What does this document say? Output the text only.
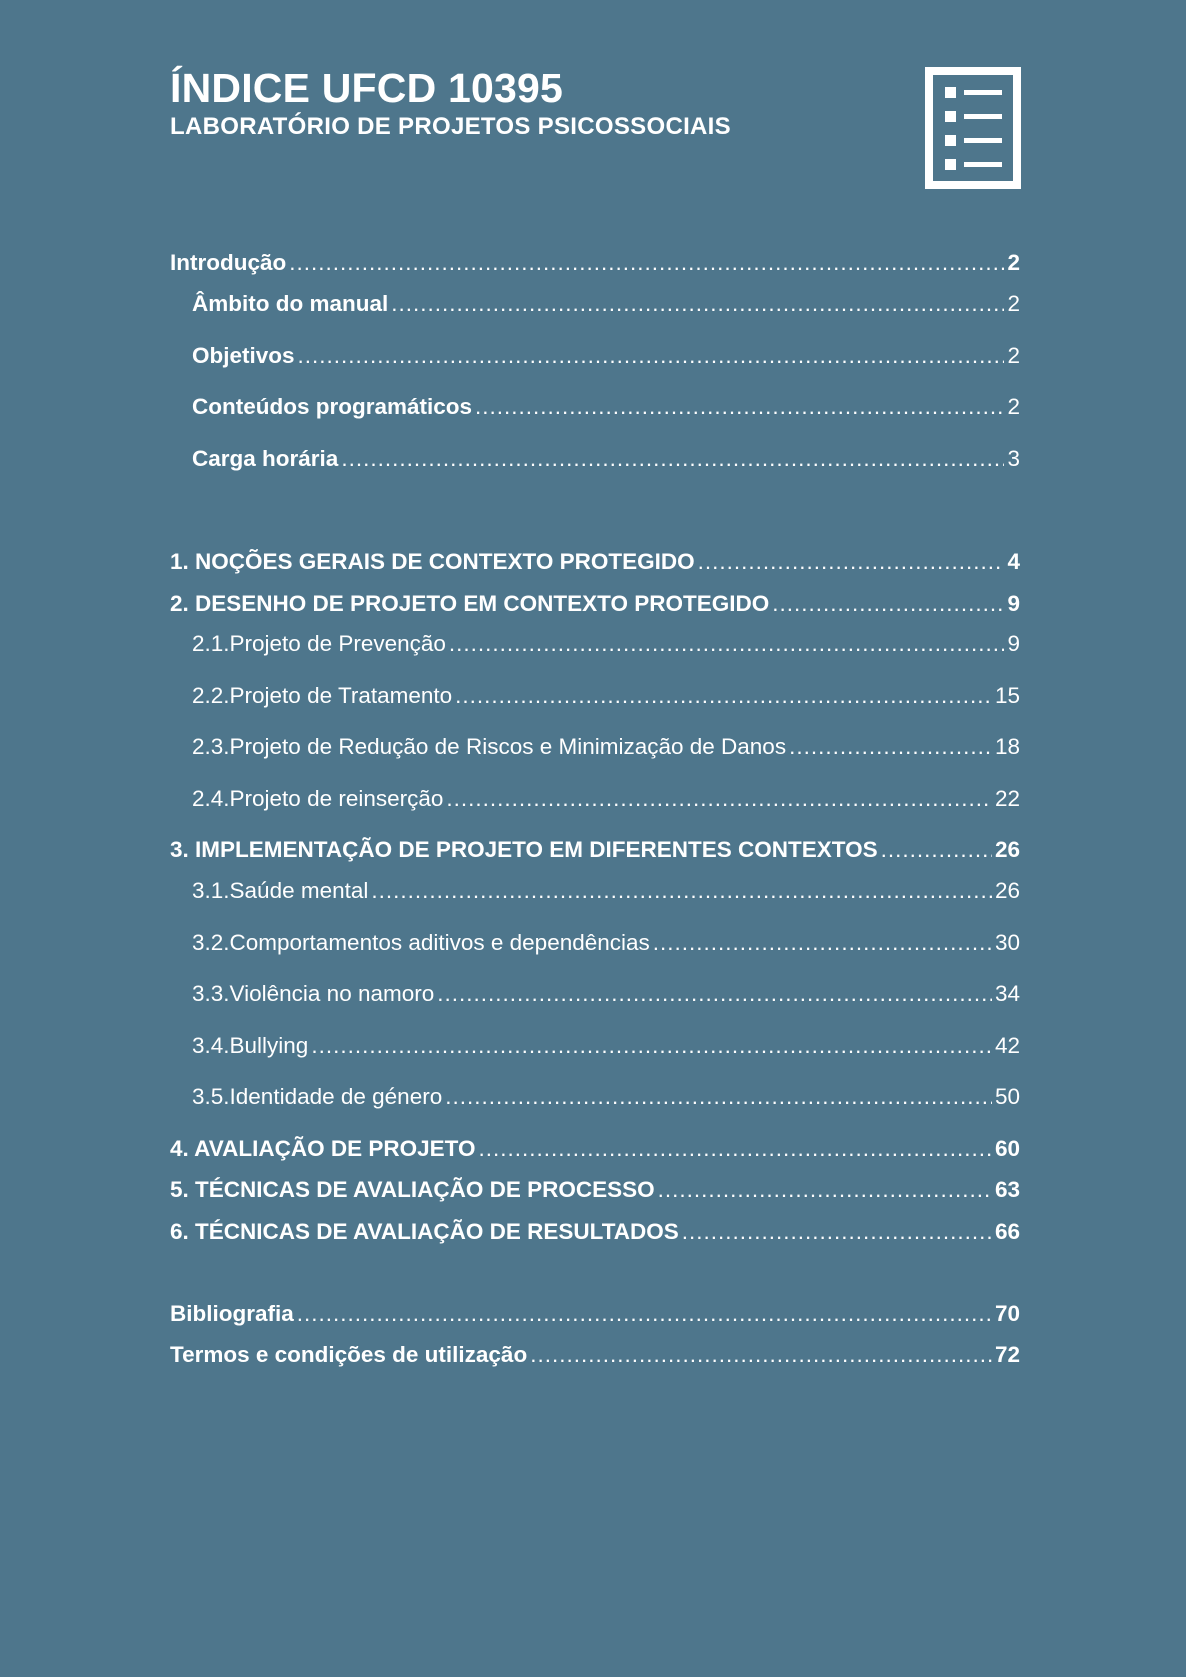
ÍNDICE UFCD 10395
LABORATÓRIO DE PROJETOS PSICOSSOCIAIS
Introdução .....	2
Âmbito do manual .....	2
Objetivos .....	2
Conteúdos programáticos .....	2
Carga horária .....	3
1. NOÇÕES GERAIS DE CONTEXTO PROTEGIDO .....	4
2. DESENHO DE PROJETO EM CONTEXTO PROTEGIDO .....	9
2.1.Projeto de Prevenção .....	9
2.2.Projeto de Tratamento .....	15
2.3.Projeto de Redução de Riscos e Minimização de Danos .....	18
2.4.Projeto de reinserção .....	22
3. IMPLEMENTAÇÃO DE PROJETO EM DIFERENTES CONTEXTOS .....	26
3.1.Saúde mental .....	26
3.2.Comportamentos aditivos e dependências .....	30
3.3.Violência no namoro .....	34
3.4.Bullying .....	42
3.5.Identidade de género .....	50
4. AVALIAÇÃO DE PROJETO .....	60
5. TÉCNICAS DE AVALIAÇÃO DE PROCESSO .....	63
6. TÉCNICAS DE AVALIAÇÃO DE RESULTADOS .....	66
Bibliografia .....	70
Termos e condições de utilização .....	72
